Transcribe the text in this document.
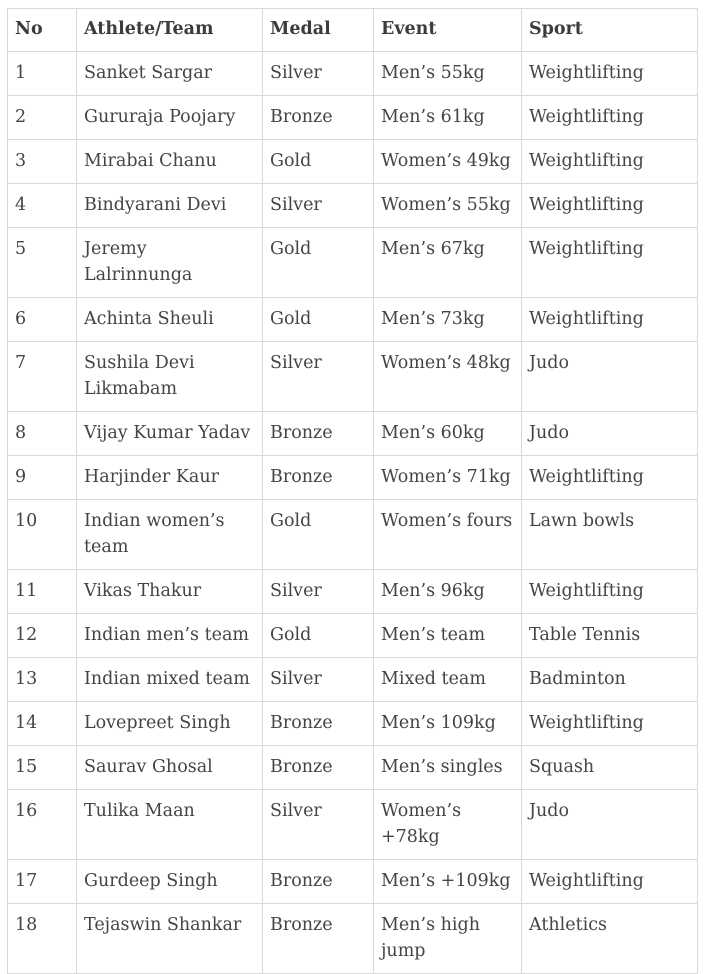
No	Athlete/Team	Medal	Event	Sport
1	Sanket Sargar	Silver	Men’s 55kg	Weightlifting
2	Gururaja Poojary	Bronze	Men’s 61kg	Weightlifting
3	Mirabai Chanu	Gold	Women’s 49kg	Weightlifting
4	Bindyarani Devi	Silver	Women’s 55kg	Weightlifting
5	Jeremy Lalrinnunga	Gold	Men’s 67kg	Weightlifting
6	Achinta Sheuli	Gold	Men’s 73kg	Weightlifting
7	Sushila Devi Likmabam	Silver	Women’s 48kg	Judo
8	Vijay Kumar Yadav	Bronze	Men’s 60kg	Judo
9	Harjinder Kaur	Bronze	Women’s 71kg	Weightlifting
10	Indian women’s team	Gold	Women’s fours	Lawn bowls
11	Vikas Thakur	Silver	Men’s 96kg	Weightlifting
12	Indian men’s team	Gold	Men’s team	Table Tennis
13	Indian mixed team	Silver	Mixed team	Badminton
14	Lovepreet Singh	Bronze	Men’s 109kg	Weightlifting
15	Saurav Ghosal	Bronze	Men’s singles	Squash
16	Tulika Maan	Silver	Women’s +78kg	Judo
17	Gurdeep Singh	Bronze	Men’s +109kg	Weightlifting
18	Tejaswin Shankar	Bronze	Men’s high jump	Athletics
